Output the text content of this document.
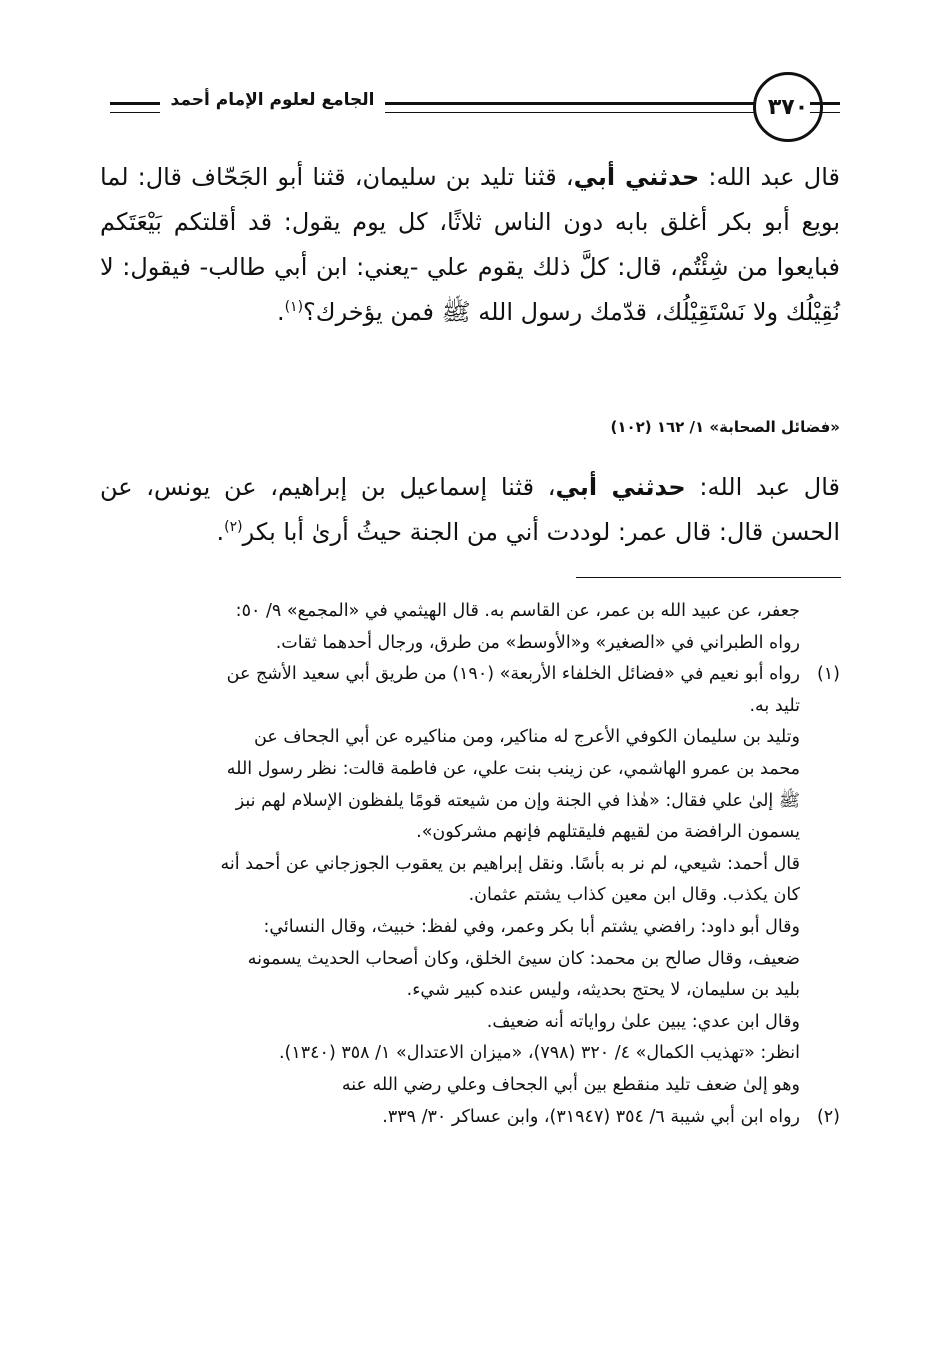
الجامع لعلوم الإمام أحمد	٣٧٠
قال عبد الله: حدثني أبي، قثنا تليد بن سليمان، قثنا أبو الجَحّاف قال: لما بويع أبو بكر أغلق بابه دون الناس ثلاثًا، كل يوم يقول: قد أقلتكم بَيْعَتَكم فبايعوا من شِئْتُم، قال: كلَّ ذلك يقوم علي -يعني: ابن أبي طالب- فيقول: لا نُقِيْلُك ولا نَسْتَقِيْلُك، قدّمك رسول الله ﷺ فمن يؤخرك؟$^{(١)}$.
«فضائل الصحابة» ١/ ١٦٢ (١٠٢)
قال عبد الله: حدثني أبي، قثنا إسماعيل بن إبراهيم، عن يونس، عن الحسن قال: قال عمر: لوددت أني من الجنة حيثُ أرىٰ أبا بكر$^{(٢)}$.
جعفر، عن عبيد الله بن عمر، عن القاسم به. قال الهيثمي في «المجمع» ٩/ ٥٠:
رواه الطبراني في «الصغير» و«الأوسط» من طرق، ورجال أحدهما ثقات.
(١)
رواه أبو نعيم في «فضائل الخلفاء الأربعة» (١٩٠) من طريق أبي سعيد الأشج عن
تليد به.
وتليد بن سليمان الكوفي الأعرج له مناكير، ومن مناكيره عن أبي الجحاف عن
محمد بن عمرو الهاشمي، عن زينب بنت علي، عن فاطمة قالت: نظر رسول الله
ﷺ إلىٰ علي فقال: «هٰذا في الجنة وإن من شيعته قومًا يلفظون الإسلام لهم نبز
يسمون الرافضة من لقيهم فليقتلهم فإنهم مشركون».
قال أحمد: شيعي، لم نر به بأسًا. ونقل إبراهيم بن يعقوب الجوزجاني عن أحمد أنه
كان يكذب. وقال ابن معين كذاب يشتم عثمان.
وقال أبو داود: رافضي يشتم أبا بكر وعمر، وفي لفظ: خبيث، وقال النسائي:
ضعيف، وقال صالح بن محمد: كان سيئ الخلق، وكان أصحاب الحديث يسمونه
بليد بن سليمان، لا يحتج بحديثه، وليس عنده كبير شيء.
وقال ابن عدي: يبين علىٰ رواياته أنه ضعيف.
انظر: «تهذيب الكمال» ٤/ ٣٢٠ (٧٩٨)، «ميزان الاعتدال» ١/ ٣٥٨ (١٣٤٠).
وهو إلىٰ ضعف تليد منقطع بين أبي الجحاف وعلي رضي الله عنه
(٢)
رواه ابن أبي شيبة ٦/ ٣٥٤ (٣١٩٤٧)، وابن عساكر ٣٠/ ٣٣٩.
